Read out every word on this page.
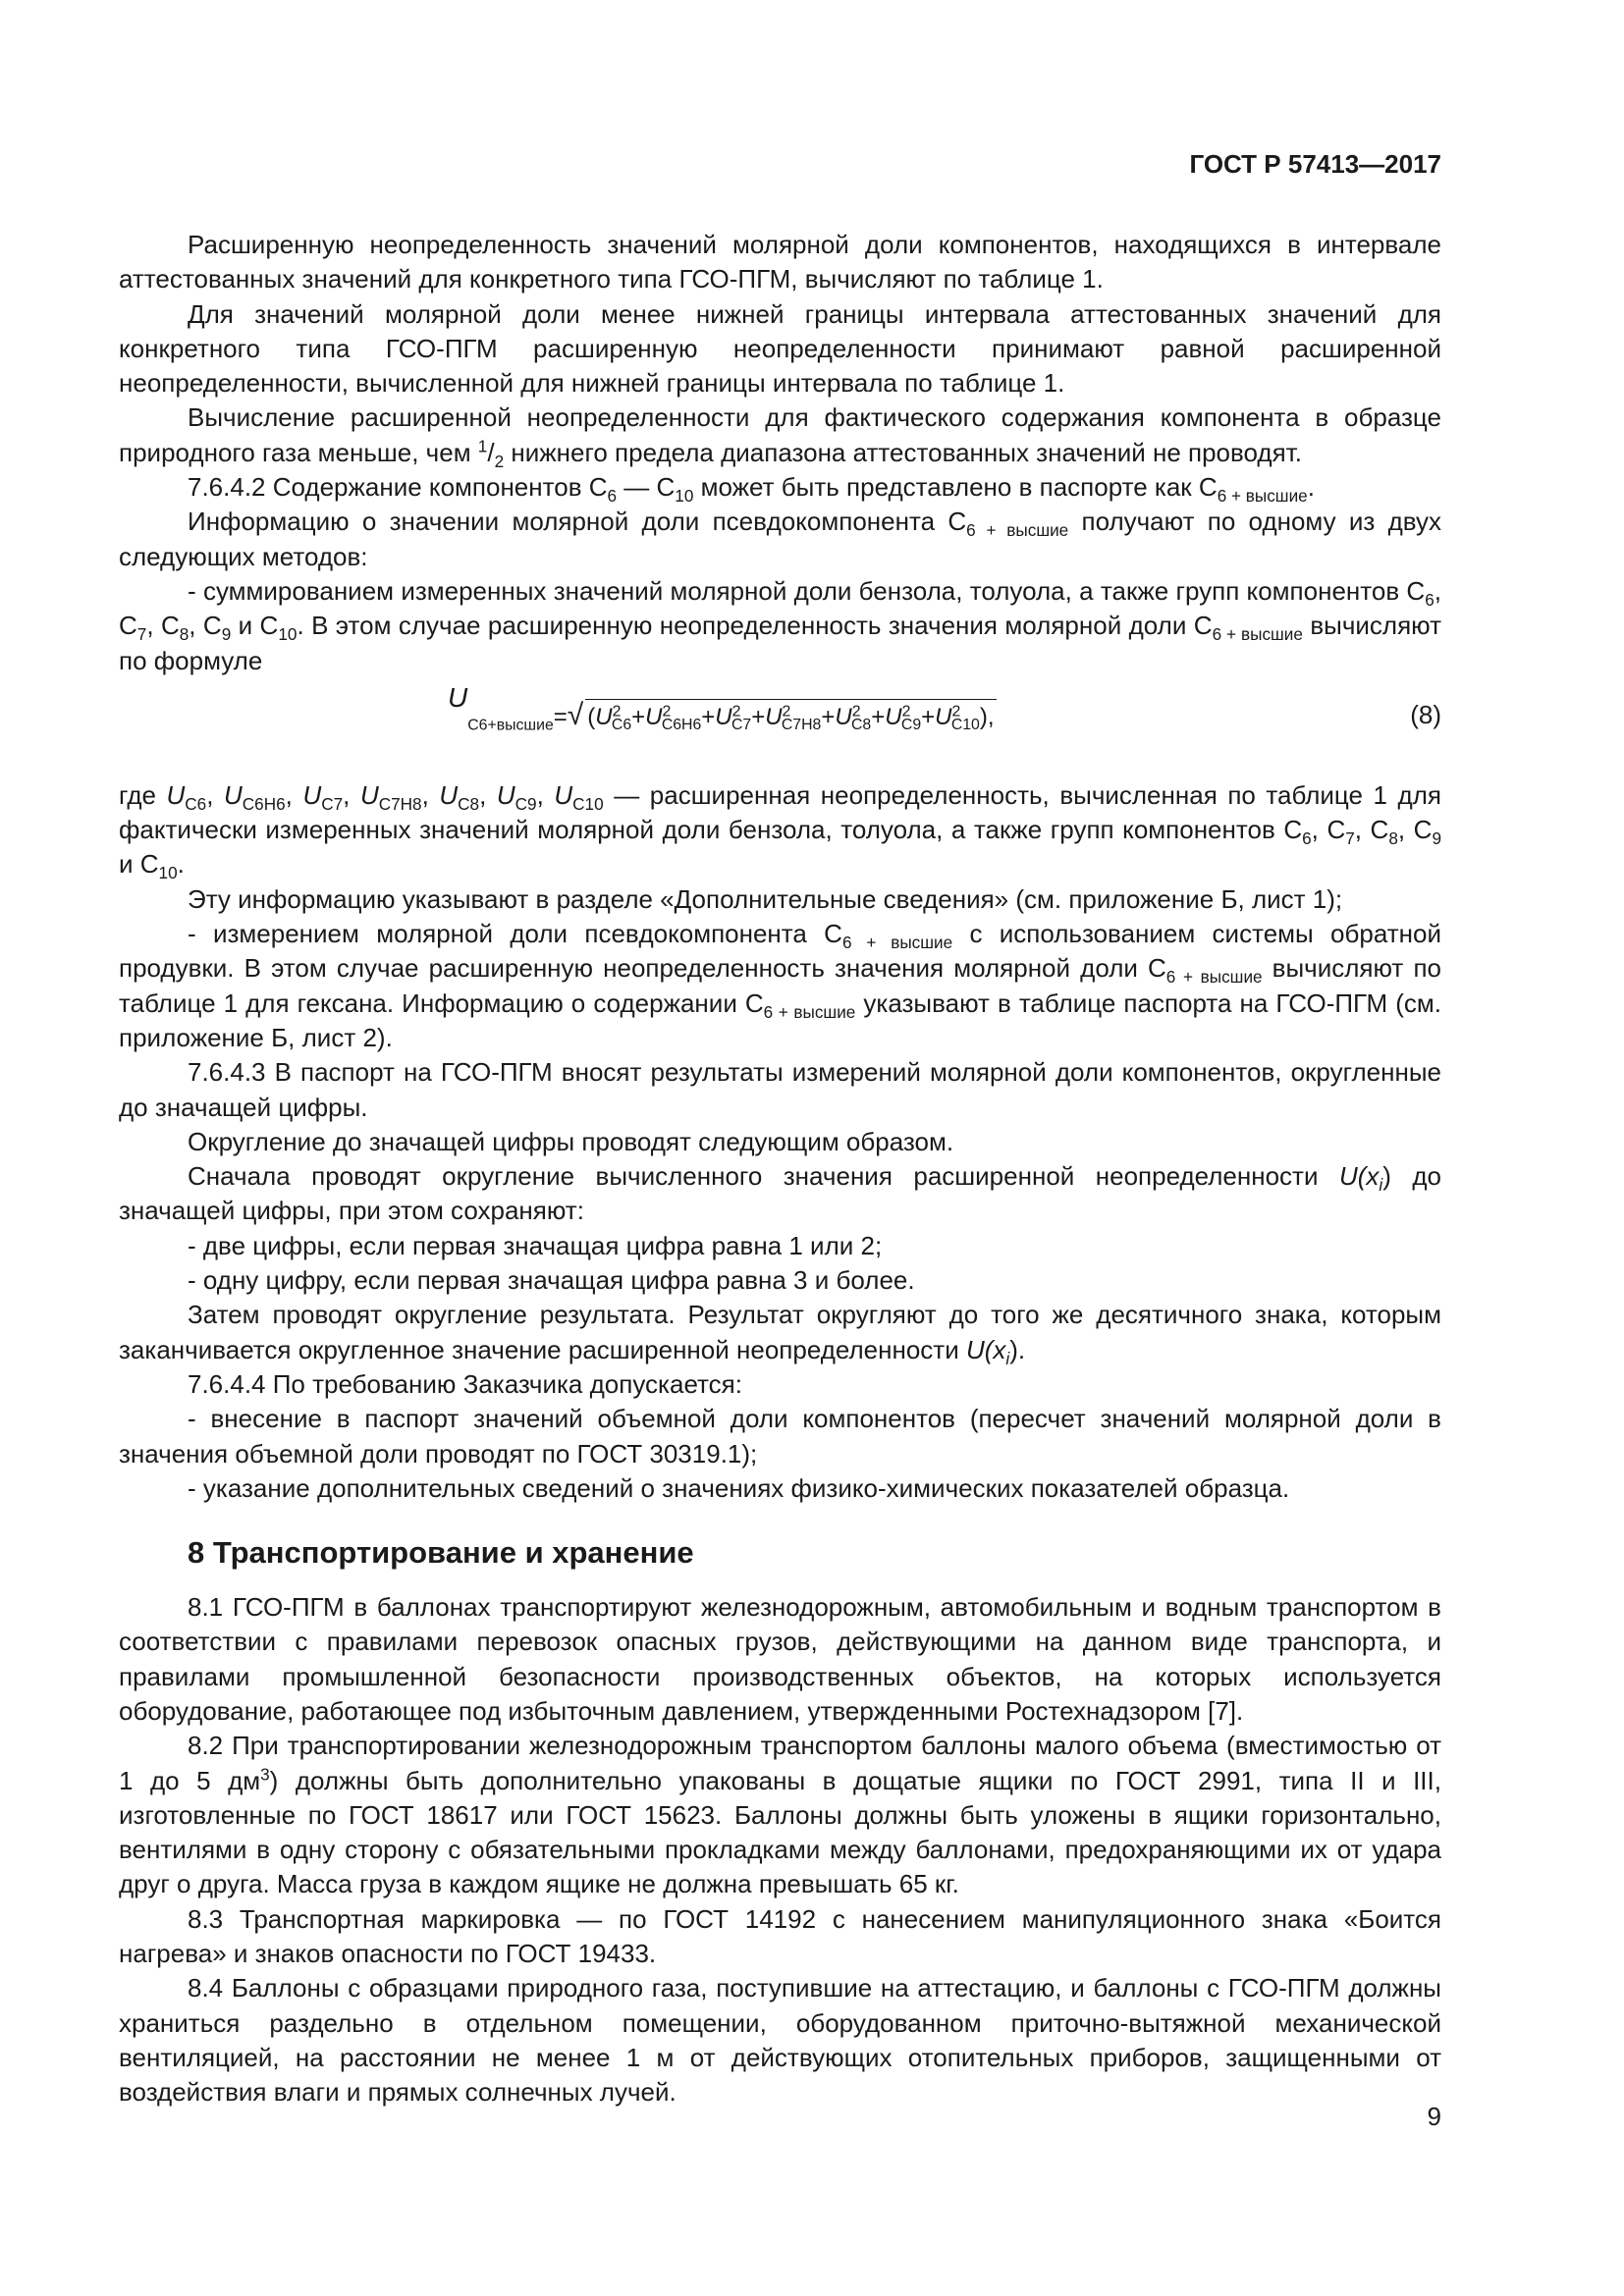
ГОСТ Р 57413—2017

Расширенную неопределенность значений молярной доли компонентов, находящихся в интервале аттестованных значений для конкретного типа ГСО-ПГМ, вычисляют по таблице 1.

Для значений молярной доли менее нижней границы интервала аттестованных значений для конкретного типа ГСО-ПГМ расширенную неопределенности принимают равной расширенной неопределенности, вычисленной для нижней границы интервала по таблице 1.

Вычисление расширенной неопределенности для фактического содержания компонента в образце природного газа меньше, чем $^1/_2$ нижнего предела диапазона аттестованных значений не проводят.

7.6.4.2 Содержание компонентов $C_6$ — $C_{10}$ может быть представлено в паспорте как $C_{6 + высшие}$.

Информацию о значении молярной доли псевдокомпонента $C_{6 + высшие}$ получают по одному из двух следующих методов:

- суммированием измеренных значений молярной доли бензола, толуола, а также групп компонентов $C_6$, $C_7$, $C_8$, $C_9$ и $C_{10}$. В этом случае расширенную неопределенность значения молярной доли $C_{6 + высшие}$ вычисляют по формуле

$U_{C6+высшие}=√$ $(U^2_{C6}+U^2_{C6H6}+U^2_{C7}+U^2_{C7H8}+U^2_{C8}+U^2_{C9}+U^2_{C10})$,	(8)

где $U_{C6}$, $U_{C6H6}$, $U_{C7}$, $U_{C7H8}$, $U_{C8}$, $U_{C9}$, $U_{C10}$ — расширенная неопределенность, вычисленная по таблице 1 для фактически измеренных значений молярной доли бензола, толуола, а также групп компонентов $C_6$, $C_7$, $C_8$, $C_9$ и $C_{10}$.

Эту информацию указывают в разделе «Дополнительные сведения» (см. приложение Б, лист 1);

- измерением молярной доли псевдокомпонента $C_{6 + высшие}$ с использованием системы обратной продувки. В этом случае расширенную неопределенность значения молярной доли $C_{6 + высшие}$ вычисляют по таблице 1 для гексана. Информацию о содержании $C_{6 + высшие}$ указывают в таблице паспорта на ГСО-ПГМ (см. приложение Б, лист 2).

7.6.4.3 В паспорт на ГСО-ПГМ вносят результаты измерений молярной доли компонентов, округленные до значащей цифры.

Округление до значащей цифры проводят следующим образом.

Сначала проводят округление вычисленного значения расширенной неопределенности $U(x_i)$ до значащей цифры, при этом сохраняют:

- две цифры, если первая значащая цифра равна 1 или 2;

- одну цифру, если первая значащая цифра равна 3 и более.

Затем проводят округление результата. Результат округляют до того же десятичного знака, которым заканчивается округленное значение расширенной неопределенности $U(x_i)$.

7.6.4.4 По требованию Заказчика допускается:

- внесение в паспорт значений объемной доли компонентов (пересчет значений молярной доли в значения объемной доли проводят по ГОСТ 30319.1);

- указание дополнительных сведений о значениях физико-химических показателей образца.

8 Транспортирование и хранение

8.1 ГСО-ПГМ в баллонах транспортируют железнодорожным, автомобильным и водным транспортом в соответствии с правилами перевозок опасных грузов, действующими на данном виде транспорта, и правилами промышленной безопасности производственных объектов, на которых используется оборудование, работающее под избыточным давлением, утвержденными Ростехнадзором [7].

8.2 При транспортировании железнодорожным транспортом баллоны малого объема (вместимостью от 1 до 5 $дм^3$) должны быть дополнительно упакованы в дощатые ящики по ГОСТ 2991, типа II и III, изготовленные по ГОСТ 18617 или ГОСТ 15623. Баллоны должны быть уложены в ящики горизонтально, вентилями в одну сторону с обязательными прокладками между баллонами, предохраняющими их от удара друг о друга. Масса груза в каждом ящике не должна превышать 65 кг.

8.3 Транспортная маркировка — по ГОСТ 14192 с нанесением манипуляционного знака «Боится нагрева» и знаков опасности по ГОСТ 19433.

8.4 Баллоны с образцами природного газа, поступившие на аттестацию, и баллоны с ГСО-ПГМ должны храниться раздельно в отдельном помещении, оборудованном приточно-вытяжной механической вентиляцией, на расстоянии не менее 1 м от действующих отопительных приборов, защищенными от воздействия влаги и прямых солнечных лучей.

9
